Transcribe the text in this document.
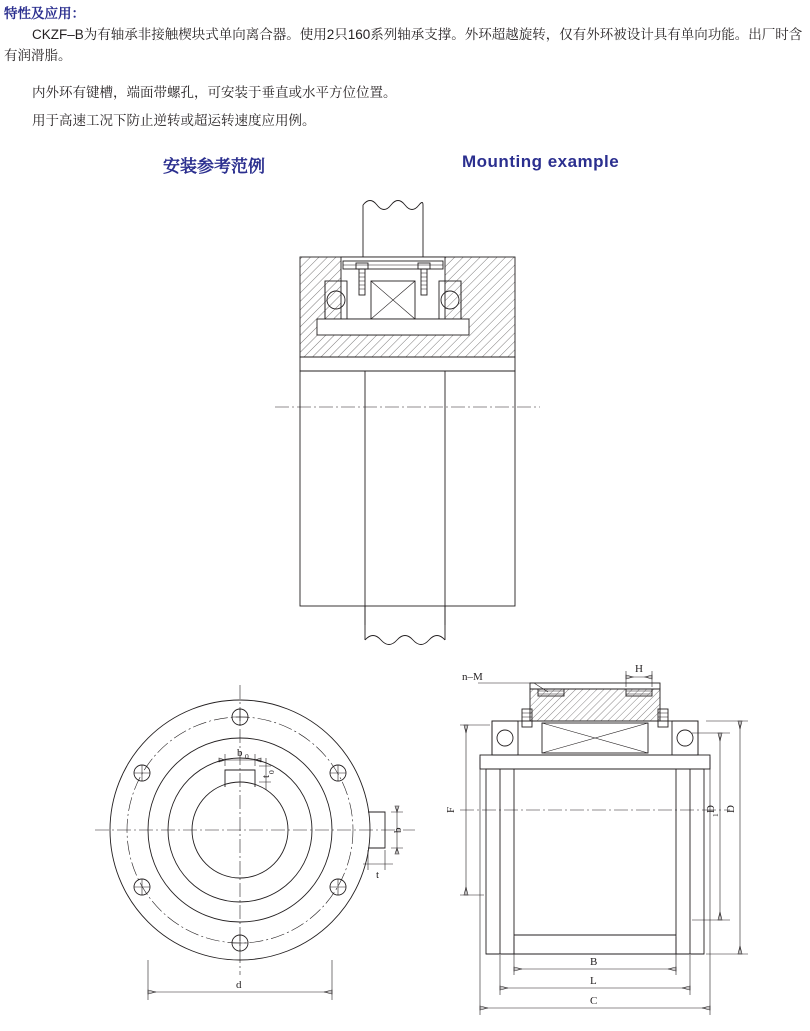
特性及应用：
CKZF–B为有轴承非接触楔块式单向离合器。使用2只160系列轴承支撑。外环超越旋转，仅有外环被设计具有单向功能。出厂时含有润滑脂。
内外环有键槽，端面带螺孔，可安装于垂直或水平方位位置。
用于高速工况下防止逆转或超运转速度应用例。
安装参考范例	Mounting example
d
b 0
t
0
b
t
n–M
H
F	D
1
D
B
L
C
